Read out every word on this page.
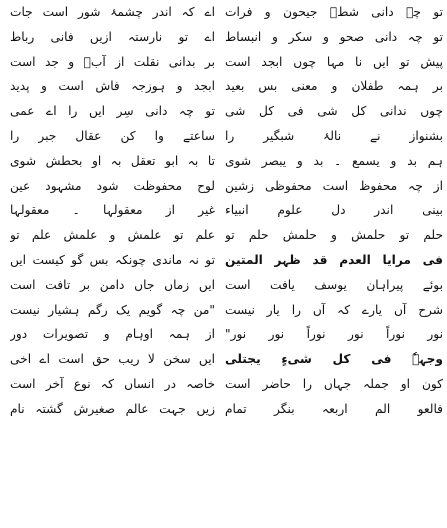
اے کہ اندر چشمۂ شور است جات
اے تو نارستہ ازیں فانی رباط
بر بدانی نقلت از آبؔ و جد است
ابجد و ہوزجہ فاش است و پدید
تو چہ دانی سِر ایں را اے عمی
ساعتے وا کن عقال جبر را
تا بہ ابو تعقل بہ او بحطش شوی
لوح محفوظت شود مشہود عین
غیر از معقولہا ۔ معقولہا
علم تو علمش و علمش علم تو
تو نہ ماندی چونکہ بس گو کیست ایں
ایں زماں جاں دامن بر تافت است
"من چہ گویم یک رگم ہشیار نیست
از ہمہ اوہام و تصویرات دور
ایں سخن لا ریب حق است اے اخی
خاصہ در انساں کہ نوع آخر است
زیں جہت عالم صغیرش گشتہ نام
تو چہ دانی شطؔ جیحون و فرات
تو چہ دانی صحو و سکر و انبساط
پیش تو ایں نا مہا چوں ابجد است
بر ہمہ طفلان و معنی بس بعید
چوں ندانی کل شی فی کل شی
بشنواز نے نالۂ شبگیر را
ہم بد و یسمع ۔ بد و یبصر شوی
از چہ محفوظ است محفوظی زشین
بینی اندر دل علوم انبیاء
حلم تو حلمش و حلمش حلم تو
فی مرایا العدم قد ظہر المتین
بوئے پیراہان یوسف یافت است
شرح آں یارے کہ آں را یار نیست
نور نوراً نور نوراً نور نور"
وجہہٗ فی کل شیءٍ یجتلی
کون او جملہ جہاں را حاضر است
فالعو الم اربعہ بنگر تمام
